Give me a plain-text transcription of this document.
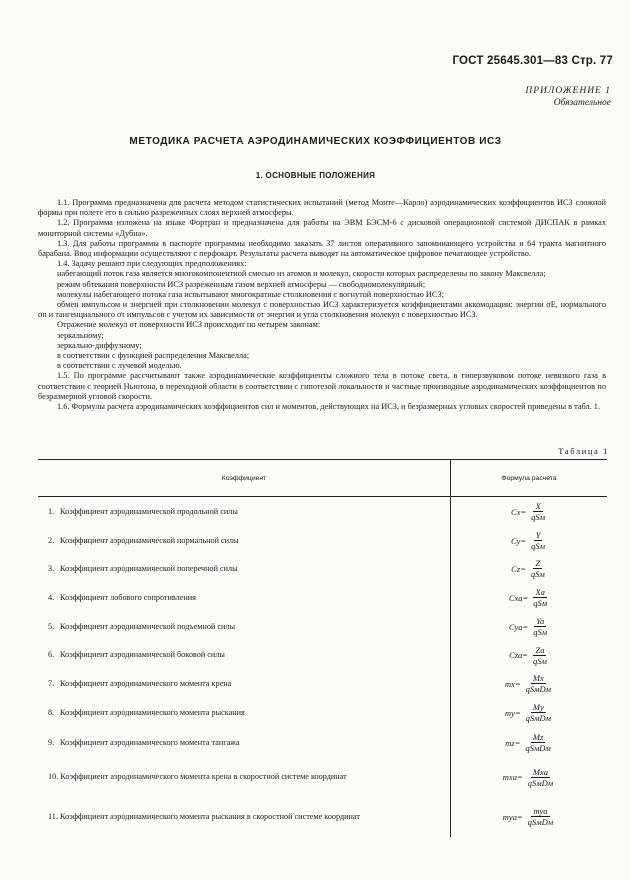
ГОСТ 25645.301—83 Стр. 77
ПРИЛОЖЕНИЕ 1
Обязательное
МЕТОДИКА РАСЧЕТА АЭРОДИНАМИЧЕСКИХ КОЭФФИЦИЕНТОВ ИСЗ
1. ОСНОВНЫЕ ПОЛОЖЕНИЯ

1.1. Программа предназначена для расчета методом статистических испытаний (метод Монте—Карло) аэродинамических коэффициентов ИСЗ сложной формы при полете его в сильно разреженных слоях верхней атмосферы.

1.2. Программа изложена на языке Фортран и предназначена для работы на ЭВМ БЭСМ-6 с дисковой операционной системой ДИСПАК в рамках мониторной системы «Дубна».

1.3. Для работы программы в паспорте программы необходимо заказать 37 листов оперативного запоминающего устройства и 64 тракта магнитного барабана. Ввод информации осуществляют с перфокарт. Результаты расчета выводят на автоматическое цифровое печатающее устройство.

1.4. Задачу решают при следующих предположениях:

набегающий поток газа является многокомпонентной смесью из атомов и молекул, скорости которых распределены по закону Максвелла;

режим обтекания поверхности ИСЗ разреженным газом верхней атмосферы — свободномолекулярный;

молекулы набегающего потока газа испытывают многократные столкновения с вогнутой поверхностью ИСЗ;

обмен импульсом и энергией при столкновении молекул с поверхностью ИСЗ характеризуется коэффициентами аккомодации: энергии σE, нормального σn и тангенциального στ импульсов с учетом их зависимости от энергии и угла столкновения молекул с поверхностью ИСЗ.

Отражение молекул от поверхности ИСЗ происходит по четырем законам:

зеркальному;

зеркально-диффузному;

в соответствии с функцией распределения Максвелла;

в соответствии с лучевой моделью.

1.5. По программе рассчитывают также аэродинамические коэффициенты сложного тела в потоке света, в гиперзвуковом потоке невязкого газа в соответствии с теорией Ньютона, в переходной области в соответствии с гипотезой локальности и частные производные аэродинамических коэффициентов по безразмерной угловой скорости.

1.6. Формулы расчета аэродинамических коэффициентов сил и моментов, действующих на ИСЗ, и безразмерных угловых скоростей приведены в табл. 1.

Таблица 1
Коэффициент	Формула расчета
1. Коэффициент аэродинамической продольной силы	$Cx= \frac{X}{\text{qSм}}$

2. Коэффициент аэродинамической нормальной силы	$Cy= \frac{Y}{\text{qSм}}$

3. Коэффициент аэродинамической поперечной силы	$Cz= \frac{Z}{\text{qSм}}$

4. Коэффициент лобового сопротивления	$Cxa= \frac{Xa}{\text{qSм}}$

5. Коэффициент аэродинамической подъемной силы	$Cya= \frac{Ya}{\text{qSм}}$

6. Коэффициент аэродинамической боковой силы	$Cza= \frac{Za}{\text{qSм}}$

7. Коэффициент аэродинамического момента крена	$mx= \frac{Mx}{\text{qSмDм}}$

8. Коэффициент аэродинамического момента рыскания	$my= \frac{My}{\text{qSмDм}}$

9. Коэффициент аэродинамического момента тангажа	$mz= \frac{Mz}{\text{qSмDм}}$

10. Коэффициент аэродинамического момента крена в скоростной системе координат	$mxa= \frac{\text{Mxa}}{\text{qSмDм}}$

11. Коэффициент аэродинамического момента рыскания в скоростной системе координат	$mya= \frac{\text{mya}}{\text{qSмDм}}$
